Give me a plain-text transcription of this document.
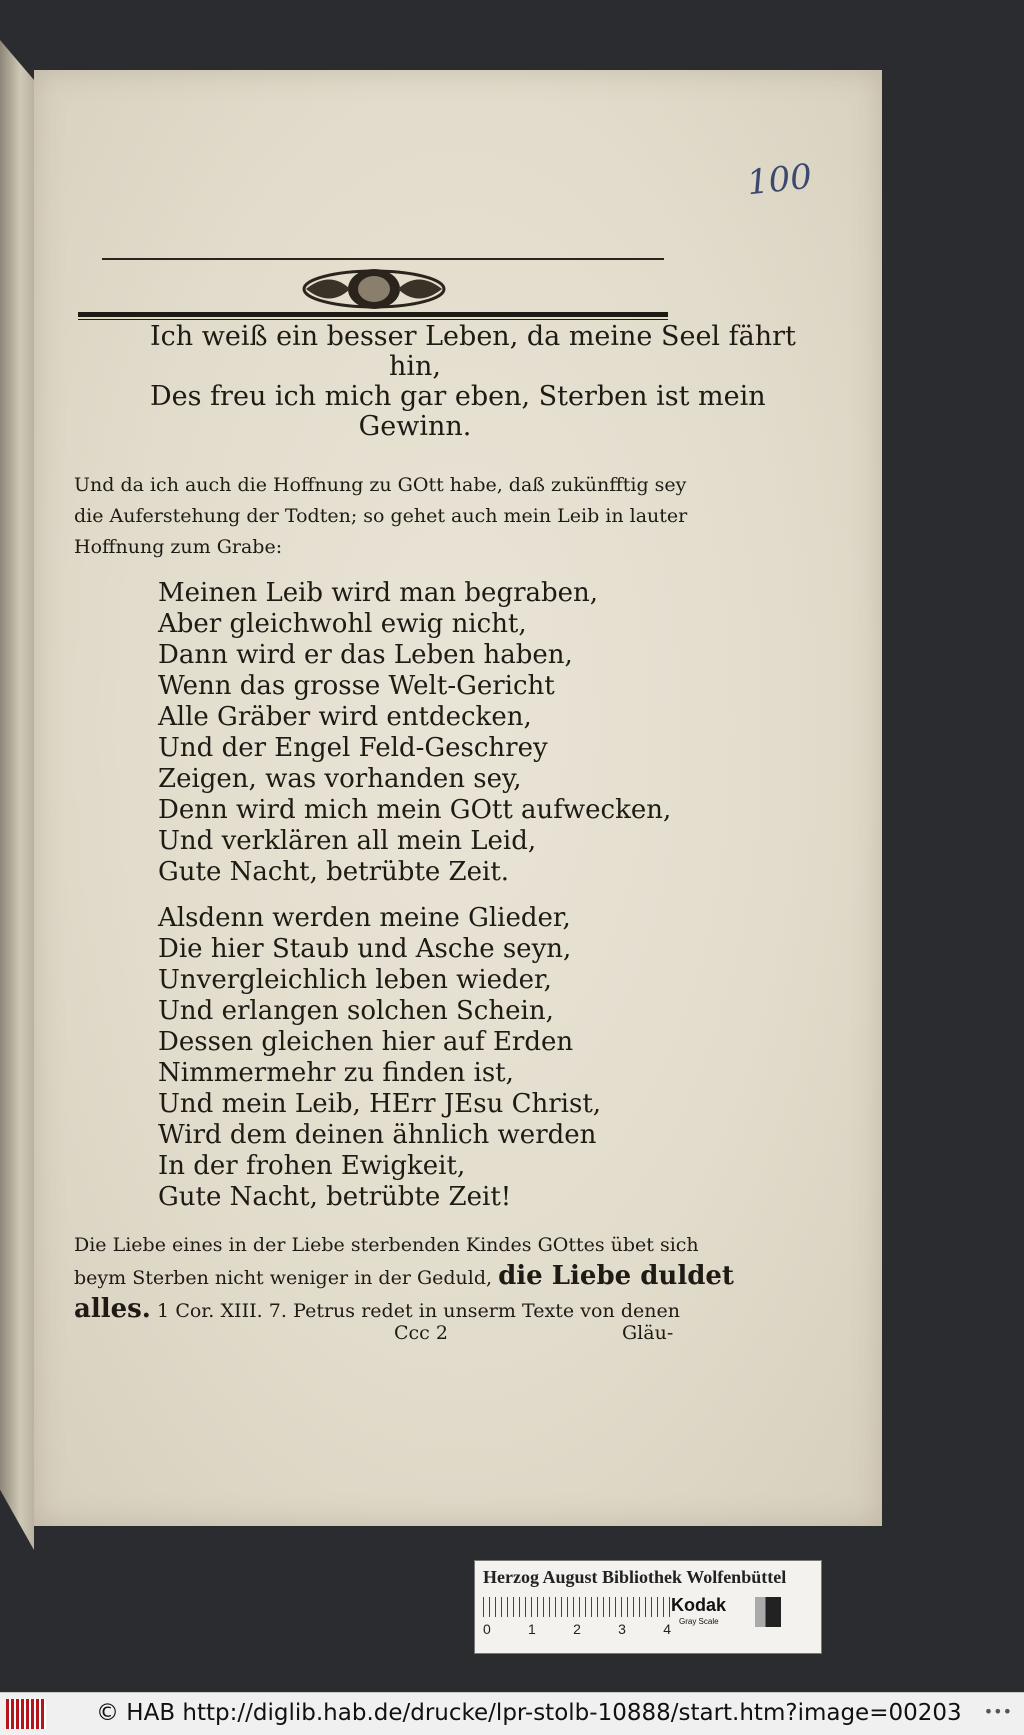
100
Ich weiß ein besser Leben, da meine Seel fährt
hin,
Des freu ich mich gar eben, Sterben ist mein
Gewinn.
Und da ich auch die Hoffnung zu GOtt habe, daß zukünfftig sey
die Auferstehung der Todten; so gehet auch mein Leib in lauter
Hoffnung zum Grabe:
Meinen Leib wird man begraben,
Aber gleichwohl ewig nicht,
Dann wird er das Leben haben,
Wenn das grosse Welt-Gericht
Alle Gräber wird entdecken,
Und der Engel Feld-Geschrey
Zeigen, was vorhanden sey,
Denn wird mich mein GOtt aufwecken,
Und verklären all mein Leid,
Gute Nacht, betrübte Zeit.
Alsdenn werden meine Glieder,
Die hier Staub und Asche seyn,
Unvergleichlich leben wieder,
Und erlangen solchen Schein,
Dessen gleichen hier auf Erden
Nimmermehr zu finden ist,
Und mein Leib, HErr JEsu Christ,
Wird dem deinen ähnlich werden
In der frohen Ewigkeit,
Gute Nacht, betrübte Zeit!
Die Liebe eines in der Liebe sterbenden Kindes GOttes übet sich
beym Sterben nicht weniger in der Geduld, die Liebe duldet
alles. 1 Cor. XIII. 7. Petrus redet in unserm Texte von denen
Ccc 2	Gläu-
Herzog August Bibliothek Wolfenbüttel
0	1	2	3	4
Kodak
Gray Scale
© HAB http://diglib.hab.de/drucke/lpr-stolb-10888/start.htm?image=00203 •••
